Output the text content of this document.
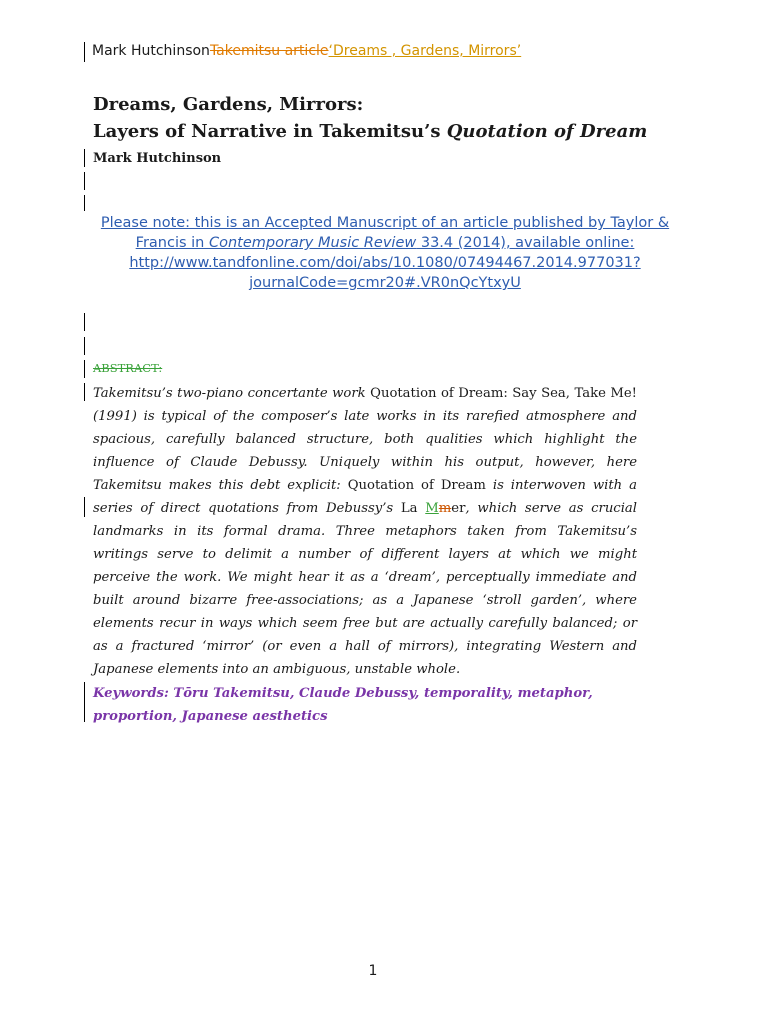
Mark HutchinsonTakemitsu article‘Dreams , Gardens, Mirrors’
Dreams, Gardens, Mirrors:
Layers of Narrative in Takemitsu’s Quotation of Dream
Mark Hutchinson
Please note: this is an Accepted Manuscript of an article published by Taylor & Francis in Contemporary Music Review 33.4 (2014), available online:
http://www.tandfonline.com/doi/abs/10.1080/07494467.2014.977031?
journalCode=gcmr20#.VR0nQcYtxyU
ABSTRACT:
Takemitsu’s two-piano concertante work Quotation of Dream: Say Sea, Take Me! (1991) is typical of the composer’s late works in its rarefied atmosphere and spacious, carefully balanced structure, both qualities which highlight the influence of Claude Debussy. Uniquely within his output, however, here Takemitsu makes this debt explicit: Quotation of Dream is interwoven with a series of direct quotations from Debussy’s La Mmer, which serve as crucial landmarks in its formal drama. Three metaphors taken from Takemitsu’s writings serve to delimit a number of different layers at which we might perceive the work. We might hear it as a ‘dream’, perceptually immediate and built around bizarre free-associations; as a Japanese ‘stroll garden’, where elements recur in ways which seem free but are actually carefully balanced; or as a fractured ‘mirror’ (or even a hall of mirrors), integrating Western and Japanese elements into an ambiguous, unstable whole.
Keywords: Tōru Takemitsu, Claude Debussy, temporality, metaphor, proportion, Japanese aesthetics
1
